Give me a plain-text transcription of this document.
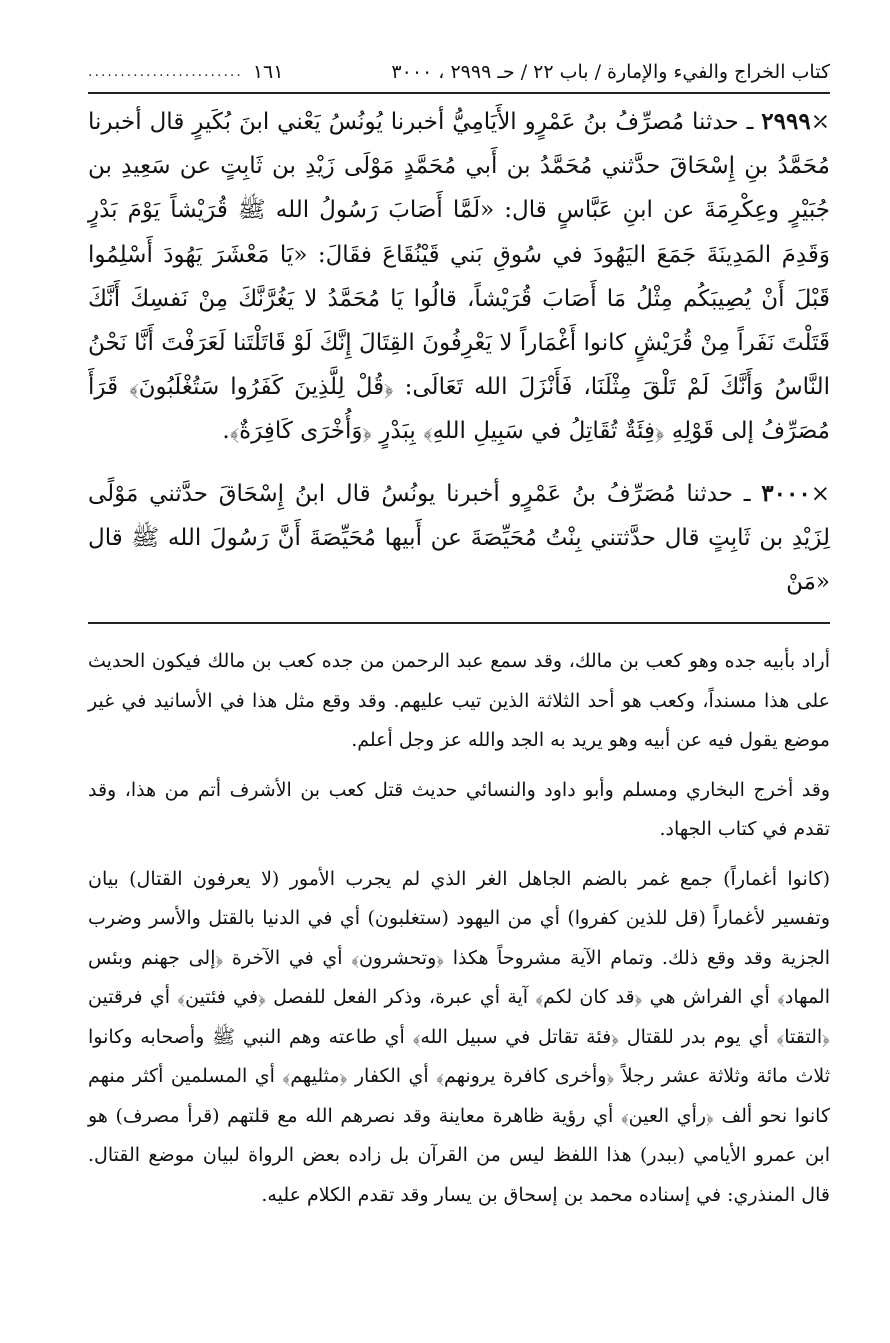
كتاب الخراج والفيء والإمارة / باب ٢٢ / حـ ٢٩٩٩ ، ٣٠٠٠
........................ ١٦١

⤫٢٩٩٩ ـ حدثنا مُصرِّفُ بنُ عَمْرٍو الأَيَامِيُّ أخبرنا يُونُسُ يَعْني ابنَ بُكَيرٍ قال أخبرنا مُحَمَّدُ بنِ إِسْحَاقَ حدَّثني مُحَمَّدُ بن أَبي مُحَمَّدٍ مَوْلَى زَيْدِ بن ثَابِتٍ عن سَعِيدِ بن جُبَيْرٍ وعِكْرِمَةَ عن ابنِ عَبَّاسٍ قال: «لَمَّا أَصَابَ رَسُولُ الله ﷺ قُرَيْشاً يَوْمَ بَدْرٍ وَقَدِمَ المَدِينَةَ جَمَعَ اليَهُودَ في سُوقِ بَني قَيْنُقَاعَ فقَالَ: «يَا مَعْشَرَ يَهُودَ أَسْلِمُوا قَبْلَ أَنْ يُصِيبَكُم مِثْلُ مَا أَصَابَ قُرَيْشاً، قالُوا يَا مُحَمَّدُ لا يَغُرَّنَّكَ مِنْ نَفسِكَ أَنَّكَ قَتَلْتَ نَفَراً مِنْ قُرَيْشٍ كانوا أَغْمَاراً لا يَعْرِفُونَ القِتَالَ إِنَّكَ لَوْ قَاتَلْتَنا لَعَرَفْتَ أَنَّا نَحْنُ النَّاسُ وَأَنَّكَ لَمْ تَلْقَ مِثْلَنَا، فَأَنْزَلَ الله تَعَالَى: ﴿قُلْ لِلَّذِينَ كَفَرُوا سَتُغْلَبُونَ﴾ قَرَأَ مُصَرِّفُ إلى قَوْلِهِ ﴿فِئَةٌ تُقَاتِلُ في سَبِيلِ اللهِ﴾ بِبَدْرٍ ﴿وَأُخْرَى كَافِرَةٌ﴾.

×٣٠٠٠ ـ حدثنا مُصَرِّفُ بنُ عَمْرٍو أخبرنا يونُسُ قال ابنُ إِسْحَاقَ حدَّثني مَوْلًى لِزَيْدِ بن ثَابِتٍ قال حدَّثتني بِنْتُ مُحَيِّصَةَ عن أَبيها مُحَيِّصَةَ أَنَّ رَسُولَ الله ﷺ قال «مَنْ

أراد بأبيه جده وهو كعب بن مالك، وقد سمع عبد الرحمن من جده كعب بن مالك فيكون الحديث على هذا مسنداً، وكعب هو أحد الثلاثة الذين تيب عليهم. وقد وقع مثل هذا في الأسانيد في غير موضع يقول فيه عن أبيه وهو يريد به الجد والله عز وجل أعلم.

وقد أخرج البخاري ومسلم وأبو داود والنسائي حديث قتل كعب بن الأشرف أتم من هذا، وقد تقدم في كتاب الجهاد.

(كانوا أغماراً) جمع غمر بالضم الجاهل الغر الذي لم يجرب الأمور (لا يعرفون القتال) بيان وتفسير لأغماراً (قل للذين كفروا) أي من اليهود (ستغلبون) أي في الدنيا بالقتل والأسر وضرب الجزية وقد وقع ذلك. وتمام الآية مشروحاً هكذا ﴿وتحشرون﴾ أي في الآخرة ﴿إلى جهنم وبئس المهاد﴾ أي الفراش هي ﴿قد كان لكم﴾ آية أي عبرة، وذكر الفعل للفصل ﴿في فئتين﴾ أي فرقتين ﴿التقتا﴾ أي يوم بدر للقتال ﴿فئة تقاتل في سبيل الله﴾ أي طاعته وهم النبي ﷺ وأصحابه وكانوا ثلاث مائة وثلاثة عشر رجلاً ﴿وأخرى كافرة يرونهم﴾ أي الكفار ﴿مثليهم﴾ أي المسلمين أكثر منهم كانوا نحو ألف ﴿رأي العين﴾ أي رؤية ظاهرة معاينة وقد نصرهم الله مع قلتهم (قرأ مصرف) هو ابن عمرو الأيامي (ببدر) هذا اللفظ ليس من القرآن بل زاده بعض الرواة لبيان موضع القتال. قال المنذري: في إسناده محمد بن إسحاق بن يسار وقد تقدم الكلام عليه.
